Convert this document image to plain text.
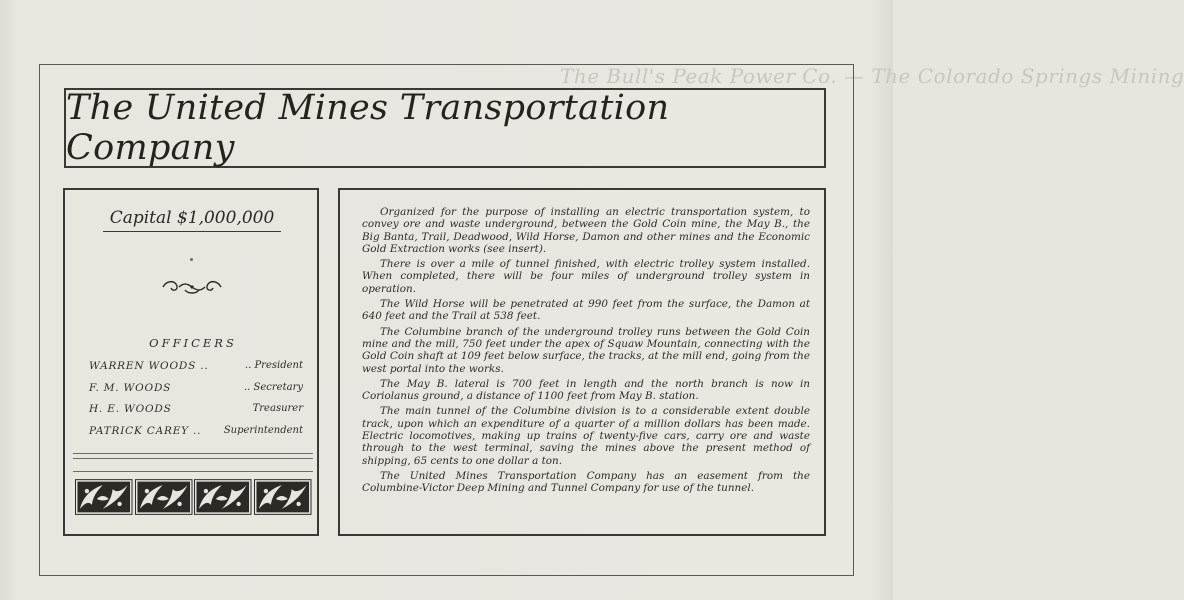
The Bull's Peak Power Co. — The Colorado Springs Mining
The United Mines Transportation Company
Capital $1,000,000
OFFICERS
WARREN WOODS ..	.. President
F. M. WOODS	.. Secretary
H. E. WOODS	Treasurer
PATRICK CAREY .. Superintendent

Organized for the purpose of installing an electric transportation system, to convey ore and waste underground, between the Gold Coin mine, the May B., the Big Banta, Trail, Deadwood, Wild Horse, Damon and other mines and the Economic Gold Extraction works (see insert).

There is over a mile of tunnel finished, with electric trolley system installed. When completed, there will be four miles of underground trolley system in operation.

The Wild Horse will be penetrated at 990 feet from the surface, the Damon at 640 feet and the Trail at 538 feet.

The Columbine branch of the underground trolley runs between the Gold Coin mine and the mill, 750 feet under the apex of Squaw Mountain, connecting with the Gold Coin shaft at 109 feet below surface, the tracks, at the mill end, going from the west portal into the works.

The May B. lateral is 700 feet in length and the north branch is now in Coriolanus ground, a distance of 1100 feet from May B. station.

The main tunnel of the Columbine division is to a considerable extent double track, upon which an expenditure of a quarter of a million dollars has been made. Electric locomotives, making up trains of twenty-five cars, carry ore and waste through to the west terminal, saving the mines above the present method of shipping, 65 cents to one dollar a ton.

The United Mines Transportation Company has an easement from the Columbine-Victor Deep Mining and Tunnel Company for use of the tunnel.
